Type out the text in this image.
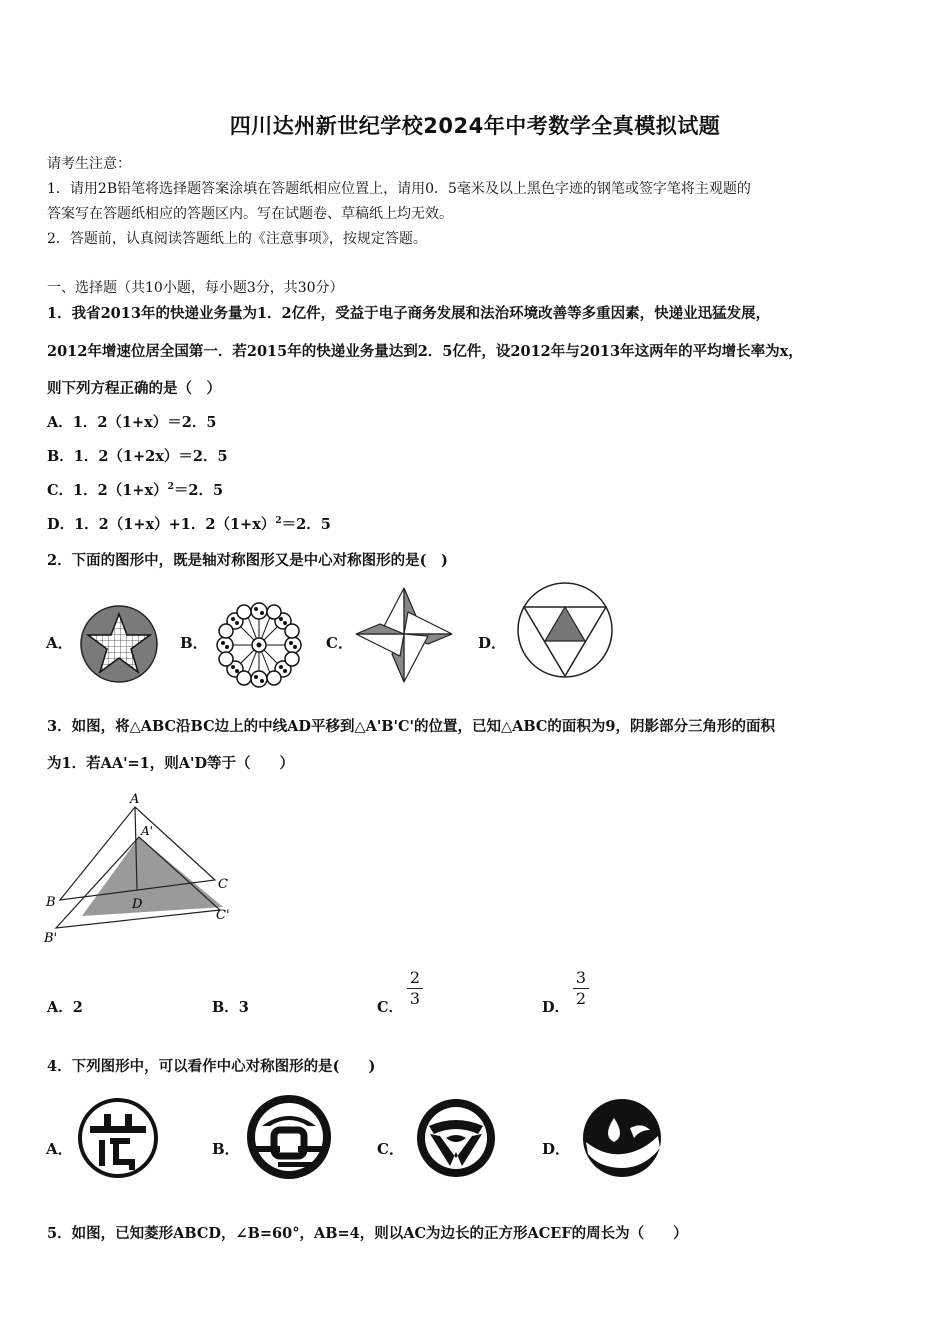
四川达州新世纪学校2024年中考数学全真模拟试题
请考生注意：
1．请用2B铅笔将选择题答案涂填在答题纸相应位置上，请用0．5毫米及以上黑色字迹的钢笔或签字笔将主观题的
答案写在答题纸相应的答题区内。写在试题卷、草稿纸上均无效。
2．答题前，认真阅读答题纸上的《注意事项》，按规定答题。
一、选择题（共10小题，每小题3分，共30分）
1．我省2013年的快递业务量为1．2亿件，受益于电子商务发展和法治环境改善等多重因素，快递业迅猛发展，
2012年增速位居全国第一．若2015年的快递业务量达到2．5亿件，设2012年与2013年这两年的平均增长率为x，
则下列方程正确的是（　）
A．1．2（1+x）＝2．5
B．1．2（1+2x）＝2．5
C．1．$2(1+x)^2=2$．5
D．1．2（1+x）+1．$2(1+x)^2=2$．5
2．下面的图形中，既是轴对称图形又是中心对称图形的是(　)
A．	B．	C．	D．
3．如图，将△ABC沿BC边上的中线AD平移到△A'B'C'的位置，已知△ABC的面积为9，阴影部分三角形的面积
为1．若AA'=1，则A'D等于（　　）
A
A'
B
C
D
B'
C'
A．2	B．3	C． $\frac{2}{3}$	D． $\frac{3}{2}$
4．下列图形中，可以看作中心对称图形的是(　　)
A．	B．	C．	D．
5．如图，已知菱形ABCD，∠B=60°，AB=4，则以AC为边长的正方形ACEF的周长为（　　）
